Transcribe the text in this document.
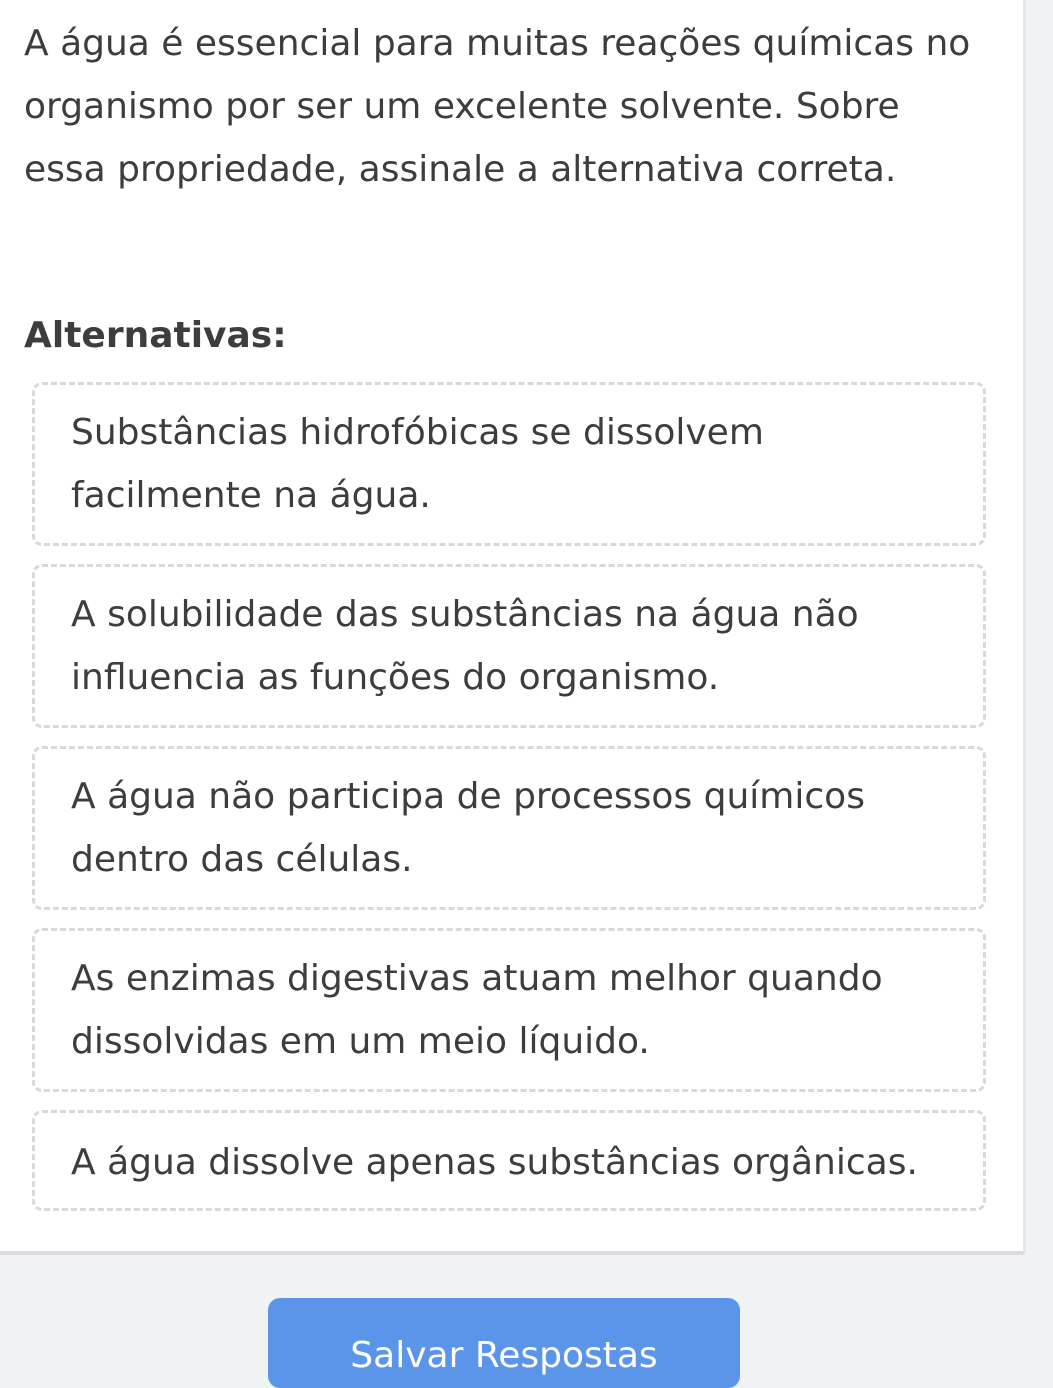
A água é essencial para muitas reações químicas no organismo por ser um excelente solvente. Sobre essa propriedade, assinale a alternativa correta.

Alternativas:
Substâncias hidrofóbicas se dissolvem facilmente na água.
A solubilidade das substâncias na água não influencia as funções do organismo.
A água não participa de processos químicos dentro das células.
As enzimas digestivas atuam melhor quando dissolvidas em um meio líquido.
A água dissolve apenas substâncias orgânicas.
Salvar Respostas
